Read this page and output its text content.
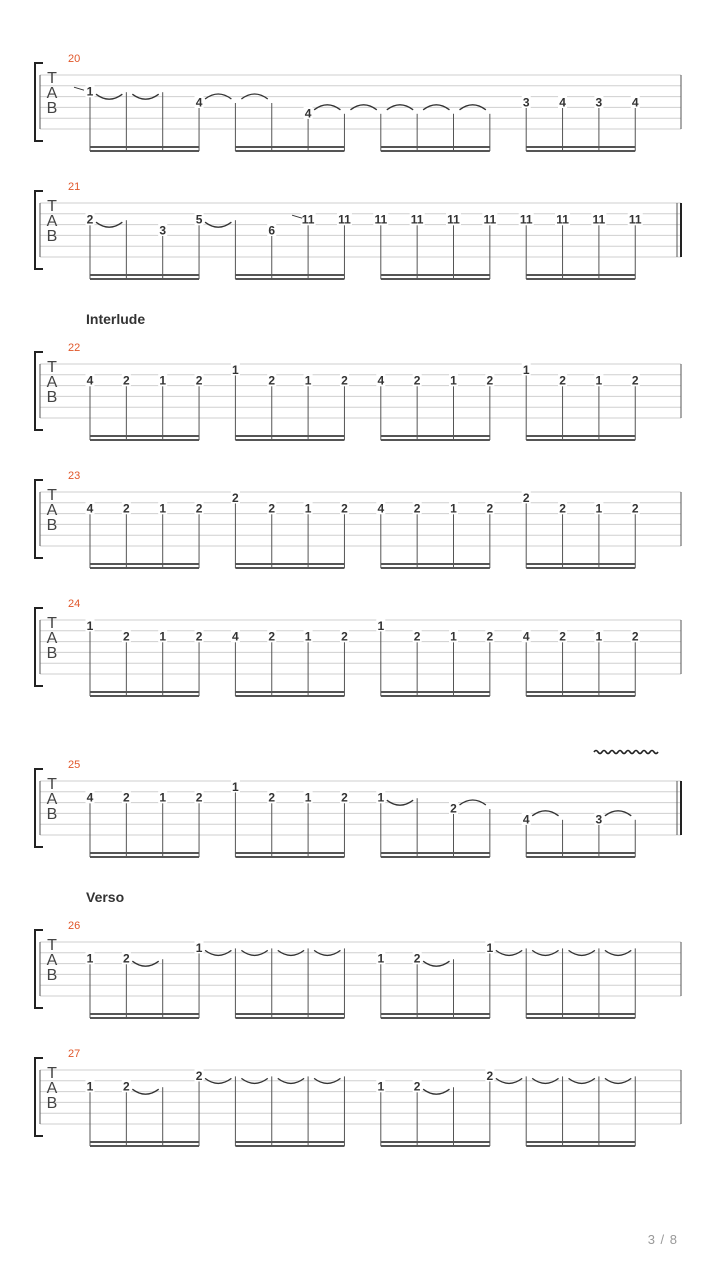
Interlude
Verso
20
T
A
B
1
4
4
3 4 3 4
21
T
A
B
2
3
5
6
11 11 11 11 11 11 11 11 11 11
22
T
A
B
4 2 1 2
1
2 1 2 4 2 1 2
1
2 1 2
23
T
A
B
4 2 1 2
2
2 1 2 4 2 1 2
2
2 1 2
24
T
A
B
1
2 1 2 4 2 1 2
1
2 1 2 4 2 1 2
25
T
A
B
4 2 1 2
1
2 1 2 1
2
4	3
26
T
A
B
1 2
1
1 2
1
27
T
A
B
1 2
2
1 2
2
3 / 8
